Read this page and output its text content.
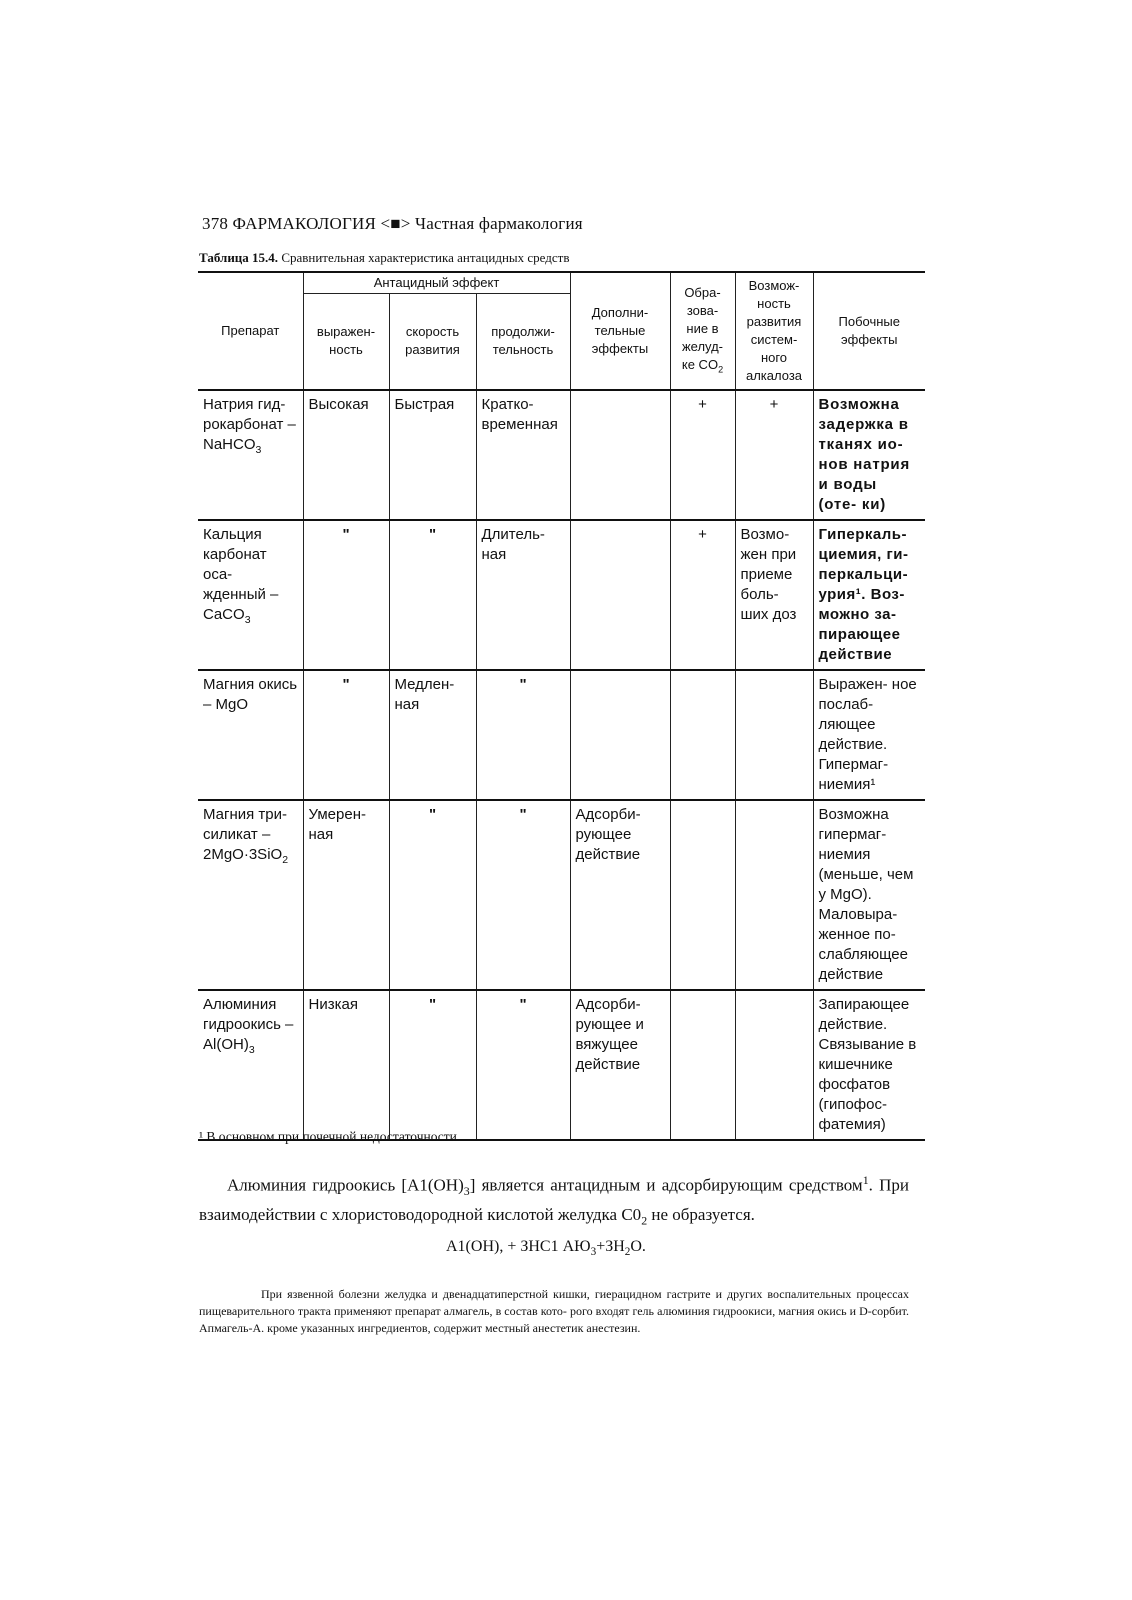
378 ФАРМАКОЛОГИЯ <■> Частная фармакология
Таблица 15.4. Сравнительная характеристика антацидных средств
Препарат	Антацидный эффект			Дополни- тельные эффекты	Обра- зова- ние в желуд- ке $CO_2$	Возмож- ность развития систем- ного алкалоза	Побочные эффекты
	выражен- ность	скорость развития	продолжи- тельность				
Натрия гид- рокарбонат – NaHCO$_3$	Высокая	Быстрая	Кратко- временная		+	+	Возможна задержка в тканях ио- нов натрия и воды (оте- ки)
Кальция карбонат оса- жденный – CaCO$_3$	"	"	Длитель- ная		+	Возмо- жен при приеме боль- ших доз	Гиперкаль- циемия, ги- перкальци- урия¹. Воз- можно за- пирающее действие
Магния окись – MgO	"	Медлен- ная	"				Выражен- ное послаб- ляющее действие. Гипермаг- ниемия¹
Магния три- силикат – 2MgO·3SiO$_2$	Умерен- ная	"	"	Адсорби- рующее действие			Возможна гипермаг- ниемия (меньше, чем у MgO). Маловыра- женное по- слабляющее действие
Алюминия гидроокись – $Al(OH)_3$	Низкая	"	"	Адсорби- рующее и вяжущее действие			Запирающее действие. Связывание в кишечнике фосфатов (гипофос- фатемия)
¹ В основном при почечной недостаточности.
Алюминия гидроокись $[А1(ОН)_3]$ является антацидным и адсорбирующим средством$^1$. При взаимодействии с хлористоводородной кислотой желудка $С0_2$ не образуется.
А1(ОН), + ЗНС1 $АЮ_3+ЗН_2О$.
При язвенной болезни желудка и двенадцатиперстной кишки, гиерацидном гастрите и других воспалительных процессах пищеварительного тракта применяют препарат алмагель, в состав кото- рого входят гель алюминия гидроокиси, магния окись и D-сорбит. Апмагель-А. кроме указанных ингредиентов, содержит местный анестетик анестезин.
